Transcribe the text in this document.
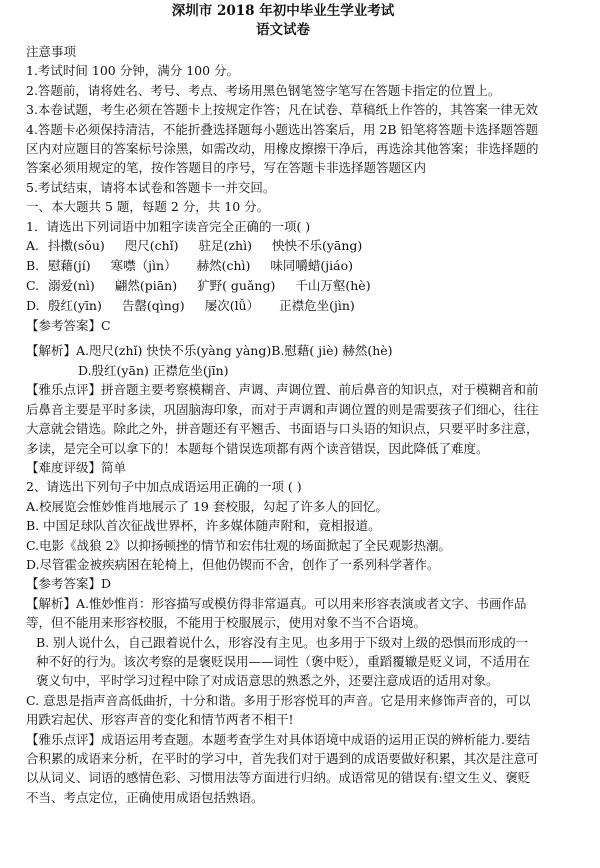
深圳市 2018 年初中毕业生学业考试
语文试卷
注意事项
1.考试时间 100 分钟，满分 100 分。
2.答题前，请将姓名、考号、考点、考场用黑色钢笔签字笔写在答题卡指定的位置上。
3.本卷试题，考生必须在答题卡上按规定作答；凡在试卷、草稿纸上作答的，其答案一律无效
4.答题卡必须保持清洁，不能折叠选择题每小题选出答案后，用 2B 铅笔将答题卡选择题答题区内对应题目的答案标号涂黑，如需改动，用橡皮擦擦干净后，再选涂其他答案；非选择题的答案必须用规定的笔，按作答题目的序号，写在答题卡非选择题答题区内
5.考试结束，请将本试卷和答题卡一并交回。
一、本大题共 5 题，每题 2 分，共 10 分。
1．请选出下列词语中加粗字读音完全正确的一项( )
A. 抖擞(sǒu) 咫尺(chǐ) 驻足(zhì) 怏怏不乐(yāng)
B. 慰藉(jí) 寒噤（jìn） 赫然(chì) 味同嚼蜡(jiáo)
C. 溺爱(nì) 翩然(piān) 犷野( guǎng) 千山万壑(hè)
D. 殷红(yīn) 告罄(qìng) 屡次(lǚ） 正襟危坐(jìn)
【参考答案】C
【解析】A.咫尺(zhǐ) 快快不乐(yàng yàng)B.慰藉( jiè) 赫然(hè)
D.殷红(yān) 正襟危坐(jīn)
【雅乐点评】拼音题主要考察模糊音、声调、声调位置、前后鼻音的知识点，对于模糊音和前后鼻音主要是平时多读，巩固脑海印象，而对于声调和声调位置的则是需要孩子们细心，往往大意就会错选。除此之外，拼音题还有平翘舌、书面语与口头语的知识点，只要平时多注意，多读，是完全可以拿下的！本题每个错误选项都有两个读音错误，因此降低了难度。
【难度评级】简单
2、请选出下列句子中加点成语运用正确的一项 ( )
A.校展览会惟妙惟肖地展示了 19 套校服，勾起了许多人的回忆。
B. 中国足球队首次征战世界杯，许多媒体随声附和，竟相报道。
C.电影《战狼 2》以抑扬顿挫的情节和宏伟壮观的场面掀起了全民观影热潮。
D.尽管霍金被疾病困在轮椅上，但他仍锲而不舍，创作了一系列科学著作。
【参考答案】D
【解析】A.惟妙惟肖：形容描写或模仿得非常逼真。可以用来形容表演或者文字、书画作品等，但不能用来形容校服，不能用于校服展示，使用对象不当不合语境。
B. 别人说什么，自己跟着说什么，形容没有主见。也多用于下级对上级的恐惧而形成的一种不好的行为。该次考察的是褒贬误用——词性（褒中贬），重蹈覆辙是贬义词，不适用在褒义句中，平时学习过程中除了对成语意思的熟悉之外，还要注意成语的适用对象。
C. 意思是指声音高低曲折，十分和谐。多用于形容悦耳的声音。它是用来修饰声音的，可以用跌宕起伏、形容声音的变化和情节两者不相干!
【雅乐点评】成语运用考查题。本题考查学生对具体语境中成语的运用正误的辨析能力.要结合积累的成语来分析，在平时的学习中，首先我们对于遇到的成语要做好积累，其次是注意可以从词义、词语的感情色彩、习惯用法等方面进行归纳。成语常见的错误有:望文生义、褒贬不当、考点定位，正确使用成语包括熟语。
